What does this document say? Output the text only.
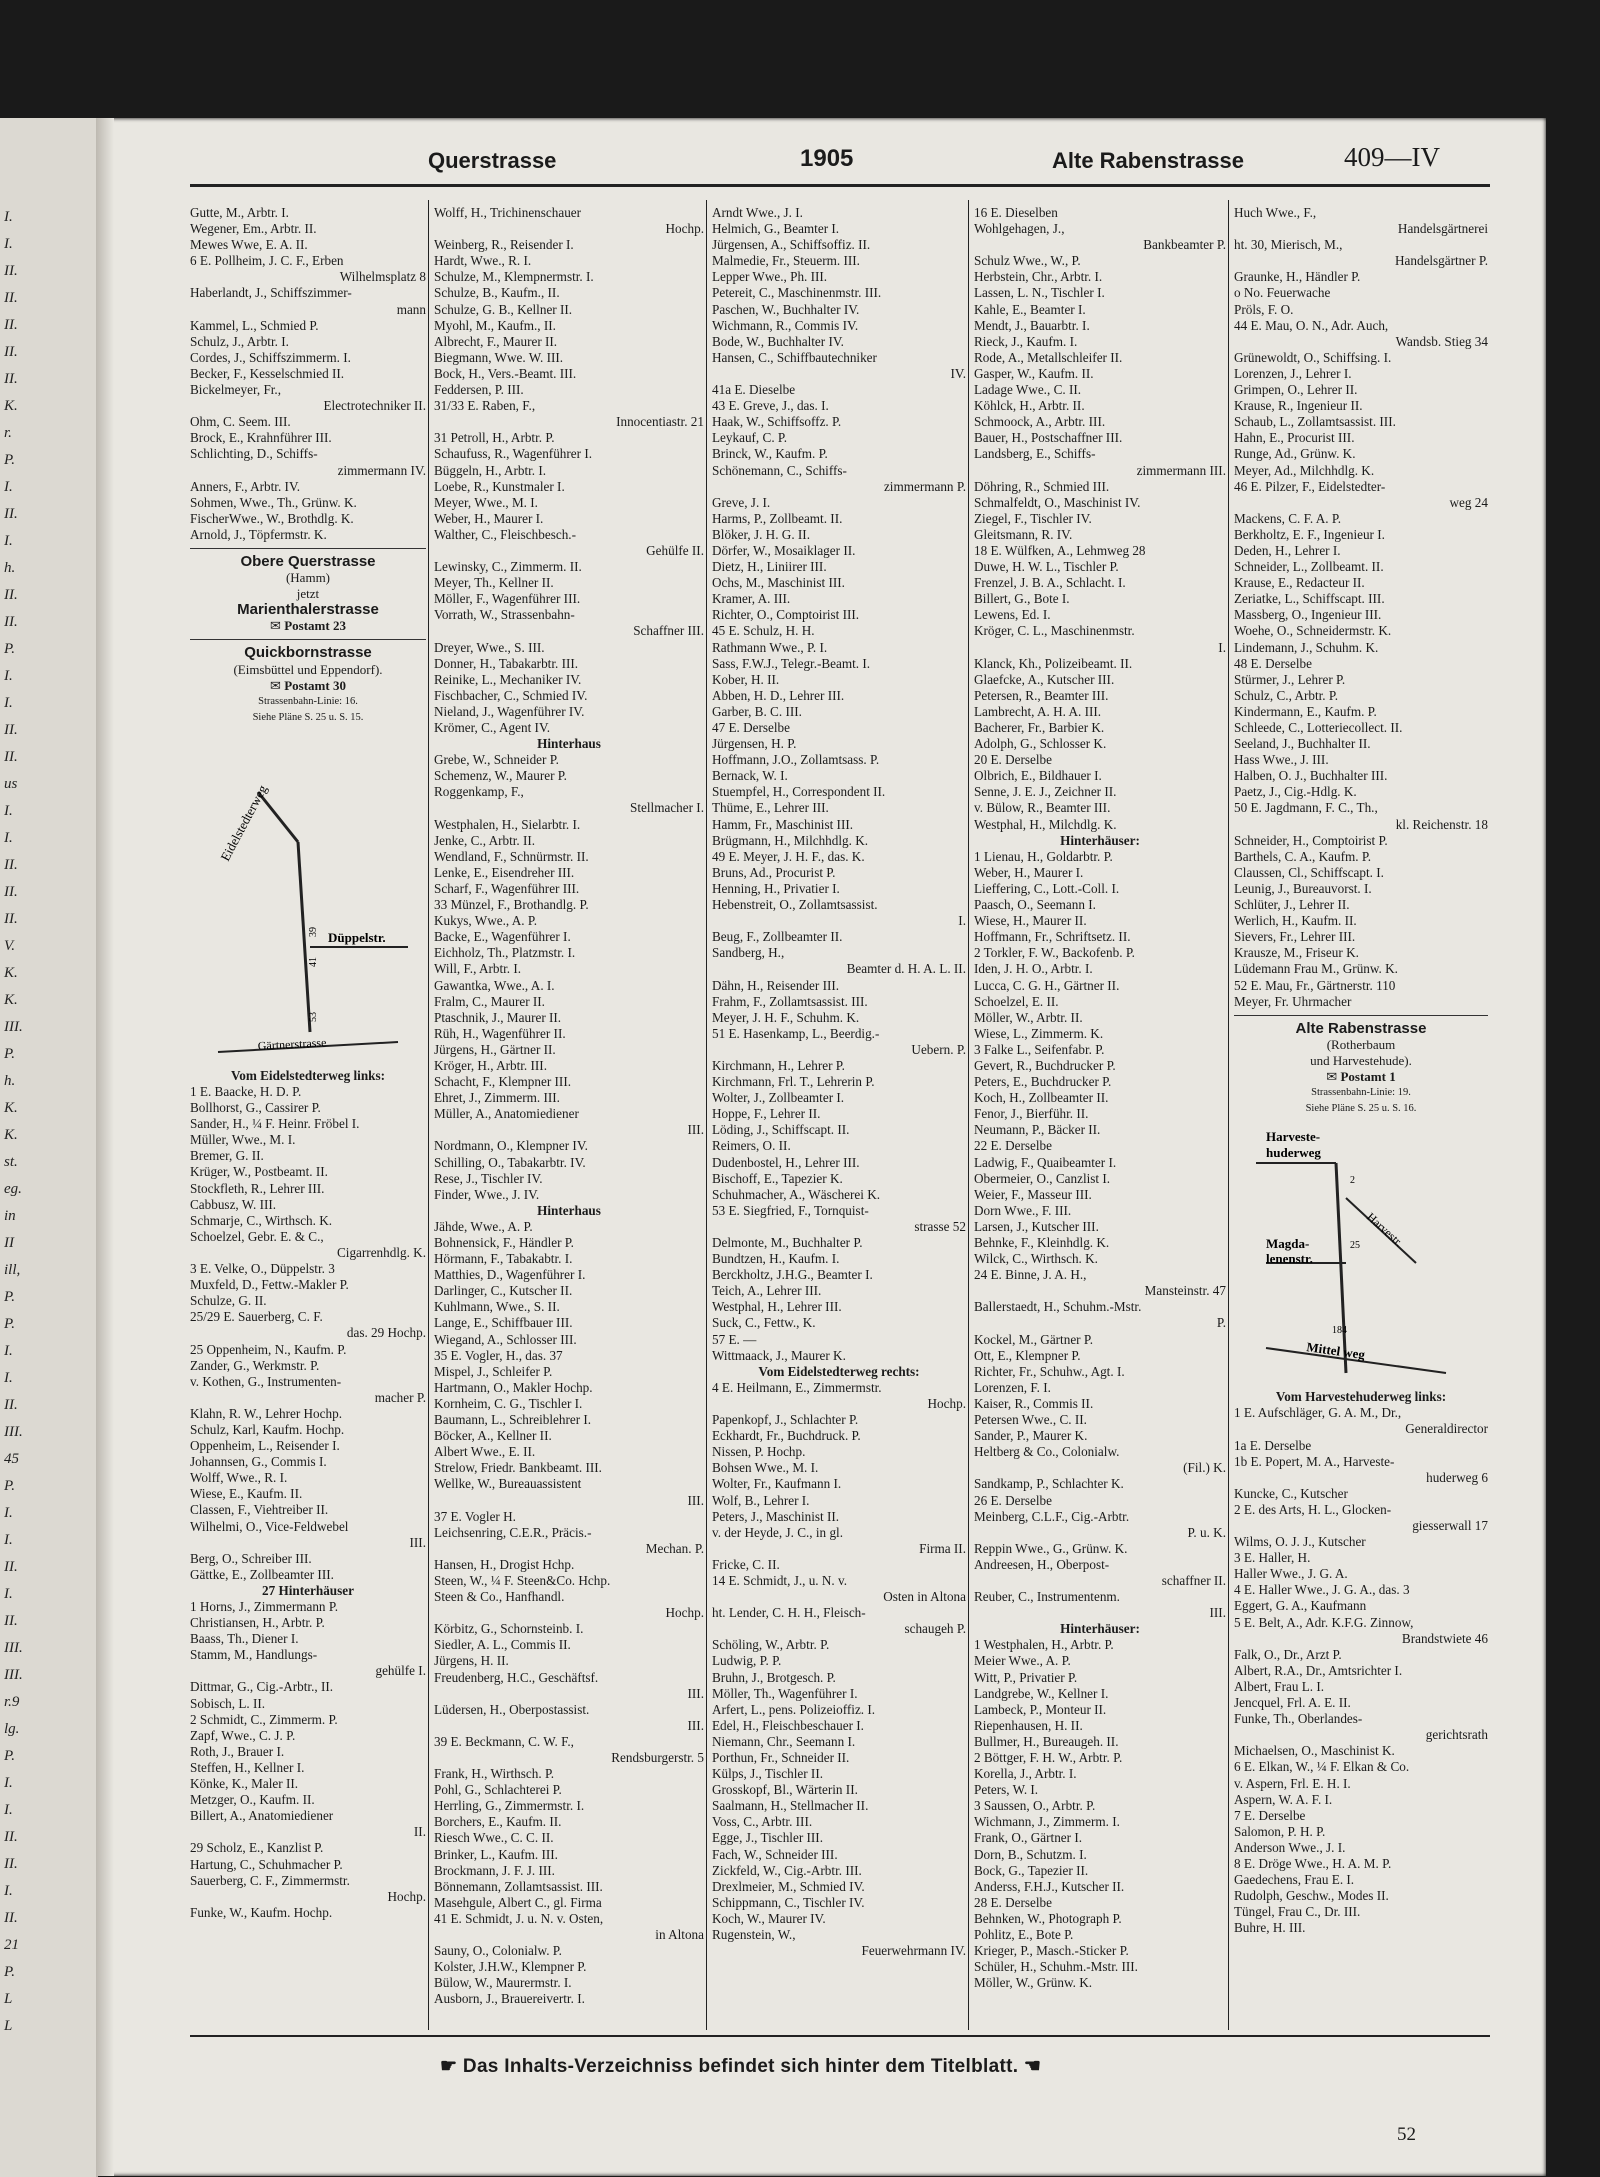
I.
I.
II.
II.
II.
II.
II.
K.
r.
P.
I.
II.
I.
h.
II.
II.
P.
I.
I.
II.
II.
us
I.
I.
II.
II.
II.
V.
K.
K.
III.
P.
h.
K.
K.
st.
eg.
in
II
ill,
P.
P.
I.
I.
II.
III.
45
P.
I.
I.
II.
I.
II.
III.
III.
r.9
lg.
P.
I.
I.
II.
II.
I.
II.
21
P.
L
L
Querstrasse	1905	Alte Rabenstrasse	409—IV
Gutte, M., Arbtr. I.
Wegener, Em., Arbtr. II.
Mewes Wwe, E. A. II.
6 E. Pollheim, J. C. F., Erben
Wilhelmsplatz 8
Haberlandt, J., Schiffszimmer-
mann
Kammel, L., Schmied P.
Schulz, J., Arbtr. I.
Cordes, J., Schiffszimmerm. I.
Becker, F., Kesselschmied II.
Bickelmeyer, Fr.,
Electrotechniker II.
Ohm, C. Seem. III.
Brock, E., Krahnführer III.
Schlichting, D., Schiffs-
zimmermann IV.
Anners, F., Arbtr. IV.
Sohmen, Wwe., Th., Grünw. K.
FischerWwe., W., Brothdlg. K.
Arnold, J., Töpfermstr. K.
Obere Querstrasse
(Hamm)
jetzt
Marienthalerstrasse
✉ Postamt 23
Quickbornstrasse
(Eimsbüttel und Eppendorf).
✉ Postamt 30
Strassenbahn-Linie: 16.
Siehe Pläne S. 25 u. S. 15.
Eidelstedterweg
Düppelstr.
Gärtnerstrasse
39
41
53
Vom Eidelstedterweg links:
1 E. Baacke, H. D. P.
Bollhorst, G., Cassirer P.
Sander, H., ¼ F. Heinr. Fröbel I.
Müller, Wwe., M. I.
Bremer, G. II.
Krüger, W., Postbeamt. II.
Stockfleth, R., Lehrer III.
Cabbusz, W. III.
Schmarje, C., Wirthsch. K.
Schoelzel, Gebr. E. & C.,
Cigarrenhdlg. K.
3 E. Velke, O., Düppelstr. 3
Muxfeld, D., Fettw.-Makler P.
Schulze, G. II.
25/29 E. Sauerberg, C. F.
das. 29 Hochp.
25 Oppenheim, N., Kaufm. P.
Zander, G., Werkmstr. P.
v. Kothen, G., Instrumenten-
macher P.
Klahn, R. W., Lehrer Hochp.
Schulz, Karl, Kaufm. Hochp.
Oppenheim, L., Reisender I.
Johannsen, G., Commis I.
Wolff, Wwe., R. I.
Wiese, E., Kaufm. II.
Classen, F., Viehtreiber II.
Wilhelmi, O., Vice-Feldwebel
III.
Berg, O., Schreiber III.
Gättke, E., Zollbeamter III.
27 Hinterhäuser
1 Horns, J., Zimmermann P.
Christiansen, H., Arbtr. P.
Baass, Th., Diener I.
Stamm, M., Handlungs-
gehülfe I.
Dittmar, G., Cig.-Arbtr., II.
Sobisch, L. II.
2 Schmidt, C., Zimmerm. P.
Zapf, Wwe., C. J. P.
Roth, J., Brauer I.
Steffen, H., Kellner I.
Könke, K., Maler II.
Metzger, O., Kaufm. II.
Billert, A., Anatomiediener
II.
29 Scholz, E., Kanzlist P.
Hartung, C., Schuhmacher P.
Sauerberg, C. F., Zimmermstr.
Hochp.
Funke, W., Kaufm. Hochp.
Wolff, H., Trichinenschauer
Hochp.
Weinberg, R., Reisender I.
Hardt, Wwe., R. I.
Schulze, M., Klempnermstr. I.
Schulze, B., Kaufm., II.
Schulze, G. B., Kellner II.
Myohl, M., Kaufm., II.
Albrecht, F., Maurer II.
Biegmann, Wwe. W. III.
Bock, H., Vers.-Beamt. III.
Feddersen, P. III.
31/33 E. Raben, F.,
Innocentiastr. 21
31 Petroll, H., Arbtr. P.
Schaufuss, R., Wagenführer I.
Büggeln, H., Arbtr. I.
Loebe, R., Kunstmaler I.
Meyer, Wwe., M. I.
Weber, H., Maurer I.
Walther, C., Fleischbesch.-
Gehülfe II.
Lewinsky, C., Zimmerm. II.
Meyer, Th., Kellner II.
Möller, F., Wagenführer III.
Vorrath, W., Strassenbahn-
Schaffner III.
Dreyer, Wwe., S. III.
Donner, H., Tabakarbtr. III.
Reinike, L., Mechaniker IV.
Fischbacher, C., Schmied IV.
Nieland, J., Wagenführer IV.
Krömer, C., Agent IV.
Hinterhaus
Grebe, W., Schneider P.
Schemenz, W., Maurer P.
Roggenkamp, F.,
Stellmacher I.
Westphalen, H., Sielarbtr. I.
Jenke, C., Arbtr. II.
Wendland, F., Schnürmstr. II.
Lenke, E., Eisendreher III.
Scharf, F., Wagenführer III.
33 Münzel, F., Brothandlg. P.
Kukys, Wwe., A. P.
Backe, E., Wagenführer I.
Eichholz, Th., Platzmstr. I.
Will, F., Arbtr. I.
Gawantka, Wwe., A. I.
Fralm, C., Maurer II.
Ptaschnik, J., Maurer II.
Rüh, H., Wagenführer II.
Jürgens, H., Gärtner II.
Kröger, H., Arbtr. III.
Schacht, F., Klempner III.
Ehret, J., Zimmerm. III.
Müller, A., Anatomiediener
III.
Nordmann, O., Klempner IV.
Schilling, O., Tabakarbtr. IV.
Rese, J., Tischler IV.
Finder, Wwe., J. IV.
Hinterhaus
Jähde, Wwe., A. P.
Bohnensick, F., Händler P.
Hörmann, F., Tabakabtr. I.
Matthies, D., Wagenführer I.
Darlinger, C., Kutscher II.
Kuhlmann, Wwe., S. II.
Lange, E., Schiffbauer III.
Wiegand, A., Schlosser III.
35 E. Vogler, H., das. 37
Mispel, J., Schleifer P.
Hartmann, O., Makler Hochp.
Kornheim, C. G., Tischler I.
Baumann, L., Schreiblehrer I.
Böcker, A., Kellner II.
Albert Wwe., E. II.
Strelow, Friedr. Bankbeamt. III.
Wellke, W., Bureauassistent
III.
37 E. Vogler H.
Leichsenring, C.E.R., Präcis.-
Mechan. P.
Hansen, H., Drogist Hchp.
Steen, W., ¼ F. Steen&Co. Hchp.
Steen & Co., Hanfhandl.
Hochp.
Körbitz, G., Schornsteinb. I.
Siedler, A. L., Commis II.
Jürgens, H. II.
Freudenberg, H.C., Geschäftsf.
III.
Lüdersen, H., Oberpostassist.
III.
39 E. Beckmann, C. W. F.,
Rendsburgerstr. 5
Frank, H., Wirthsch. P.
Pohl, G., Schlachterei P.
Herrling, G., Zimmermstr. I.
Borchers, E., Kaufm. II.
Riesch Wwe., C. C. II.
Brinker, L., Kaufm. III.
Brockmann, J. F. J. III.
Bönnemann, Zollamtsassist. III.
Masehgule, Albert C., gl. Firma
41 E. Schmidt, J. u. N. v. Osten,
in Altona
Sauny, O., Colonialw. P.
Kolster, J.H.W., Klempner P.
Bülow, W., Maurermstr. I.
Ausborn, J., Brauereivertr. I.
Arndt Wwe., J. I.
Helmich, G., Beamter I.
Jürgensen, A., Schiffsoffiz. II.
Malmedie, Fr., Steuerm. III.
Lepper Wwe., Ph. III.
Petereit, C., Maschinenmstr. III.
Paschen, W., Buchhalter IV.
Wichmann, R., Commis IV.
Bode, W., Buchhalter IV.
Hansen, C., Schiffbautechniker
IV.
41a E. Dieselbe
43 E. Greve, J., das. I.
Haak, W., Schiffsoffz. P.
Leykauf, C. P.
Brinck, W., Kaufm. P.
Schönemann, C., Schiffs-
zimmermann P.
Greve, J. I.
Harms, P., Zollbeamt. II.
Blöker, J. H. G. II.
Dörfer, W., Mosaiklager II.
Dietz, H., Liniirer III.
Ochs, M., Maschinist III.
Kramer, A. III.
Richter, O., Comptoirist III.
45 E. Schulz, H. H.
Rathmann Wwe., P. I.
Sass, F.W.J., Telegr.-Beamt. I.
Kober, H. II.
Abben, H. D., Lehrer III.
Garber, B. C. III.
47 E. Derselbe
Jürgensen, H. P.
Hoffmann, J.O., Zollamtsass. P.
Bernack, W. I.
Stuempfel, H., Correspondent II.
Thüme, E., Lehrer III.
Hamm, Fr., Maschinist III.
Brügmann, H., Milchhdlg. K.
49 E. Meyer, J. H. F., das. K.
Bruns, Ad., Procurist P.
Henning, H., Privatier I.
Hebenstreit, O., Zollamtsassist.
I.
Beug, F., Zollbeamter II.
Sandberg, H.,
Beamter d. H. A. L. II.
Dähn, H., Reisender III.
Frahm, F., Zollamtsassist. III.
Meyer, J. H. F., Schuhm. K.
51 E. Hasenkamp, L., Beerdig.-
Uebern. P.
Kirchmann, H., Lehrer P.
Kirchmann, Frl. T., Lehrerin P.
Wolter, J., Zollbeamter I.
Hoppe, F., Lehrer II.
Löding, J., Schiffscapt. II.
Reimers, O. II.
Dudenbostel, H., Lehrer III.
Bischoff, E., Tapezier K.
Schuhmacher, A., Wäscherei K.
53 E. Siegfried, F., Tornquist-
strasse 52
Delmonte, M., Buchhalter P.
Bundtzen, H., Kaufm. I.
Berckholtz, J.H.G., Beamter I.
Teich, A., Lehrer III.
Westphal, H., Lehrer III.
Suck, C., Fettw., K.
57 E. —
Wittmaack, J., Maurer K.
Vom Eidelstedterweg rechts:
4 E. Heilmann, E., Zimmermstr.
Hochp.
Papenkopf, J., Schlachter P.
Eckhardt, Fr., Buchdruck. P.
Nissen, P. Hochp.
Bohsen Wwe., M. I.
Wolter, Fr., Kaufmann I.
Wolf, B., Lehrer I.
Peters, J., Maschinist II.
v. der Heyde, J. C., in gl.
Firma II.
Fricke, C. II.
14 E. Schmidt, J., u. N. v.
Osten in Altona
ht. Lender, C. H. H., Fleisch-
schaugeh P.
Schöling, W., Arbtr. P.
Ludwig, P. P.
Bruhn, J., Brotgesch. P.
Möller, Th., Wagenführer I.
Arfert, L., pens. Polizeioffiz. I.
Edel, H., Fleischbeschauer I.
Niemann, Chr., Seemann I.
Porthun, Fr., Schneider II.
Külps, J., Tischler II.
Grosskopf, Bl., Wärterin II.
Saalmann, H., Stellmacher II.
Voss, C., Arbtr. III.
Egge, J., Tischler III.
Fach, W., Schneider III.
Zickfeld, W., Cig.-Arbtr. III.
Drexlmeier, M., Schmied IV.
Schippmann, C., Tischler IV.
Koch, W., Maurer IV.
Rugenstein, W.,
Feuerwehrmann IV.
16 E. Dieselben
Wohlgehagen, J.,
Bankbeamter P.
Schulz Wwe., W., P.
Herbstein, Chr., Arbtr. I.
Lassen, L. N., Tischler I.
Kahle, E., Beamter I.
Mendt, J., Bauarbtr. I.
Rieck, J., Kaufm. I.
Rode, A., Metallschleifer II.
Gasper, W., Kaufm. II.
Ladage Wwe., C. II.
Köhlck, H., Arbtr. II.
Schmoock, A., Arbtr. III.
Bauer, H., Postschaffner III.
Landsberg, E., Schiffs-
zimmermann III.
Döhring, R., Schmied III.
Schmalfeldt, O., Maschinist IV.
Ziegel, F., Tischler IV.
Gleitsmann, R. IV.
18 E. Wülfken, A., Lehmweg 28
Duwe, H. W. L., Tischler P.
Frenzel, J. B. A., Schlacht. I.
Billert, G., Bote I.
Lewens, Ed. I.
Kröger, C. L., Maschinenmstr.
I.
Klanck, Kh., Polizeibeamt. II.
Glaefcke, A., Kutscher III.
Petersen, R., Beamter III.
Lambrecht, A. H. A. III.
Bacherer, Fr., Barbier K.
Adolph, G., Schlosser K.
20 E. Derselbe
Olbrich, E., Bildhauer I.
Senne, J. E. J., Zeichner II.
v. Bülow, R., Beamter III.
Westphal, H., Milchdlg. K.
Hinterhäuser:
1 Lienau, H., Goldarbtr. P.
Weber, H., Maurer I.
Lieffering, C., Lott.-Coll. I.
Paasch, O., Seemann I.
Wiese, H., Maurer II.
Hoffmann, Fr., Schriftsetz. II.
2 Torkler, F. W., Backofenb. P.
Iden, J. H. O., Arbtr. I.
Lucca, C. G. H., Gärtner II.
Schoelzel, E. II.
Möller, W., Arbtr. II.
Wiese, L., Zimmerm. K.
3 Falke L., Seifenfabr. P.
Gevert, R., Buchdrucker P.
Peters, E., Buchdrucker P.
Koch, H., Zollbeamter II.
Fenor, J., Bierführ. II.
Neumann, P., Bäcker II.
22 E. Derselbe
Ladwig, F., Quaibeamter I.
Obermeier, O., Canzlist I.
Weier, F., Masseur III.
Dorn Wwe., F. III.
Larsen, J., Kutscher III.
Behnke, F., Kleinhdlg. K.
Wilck, C., Wirthsch. K.
24 E. Binne, J. A. H.,
Mansteinstr. 47
Ballerstaedt, H., Schuhm.-Mstr.
P.
Kockel, M., Gärtner P.
Ott, E., Klempner P.
Richter, Fr., Schuhw., Agt. I.
Lorenzen, F. I.
Kaiser, R., Commis II.
Petersen Wwe., C. II.
Sander, P., Maurer K.
Heltberg & Co., Colonialw.
(Fil.) K.
Sandkamp, P., Schlachter K.
26 E. Derselbe
Meinberg, C.L.F., Cig.-Arbtr.
P. u. K.
Reppin Wwe., G., Grünw. K.
Andreesen, H., Oberpost-
schaffner II.
Reuber, C., Instrumentenm.
III.
Hinterhäuser:
1 Westphalen, H., Arbtr. P.
Meier Wwe., A. P.
Witt, P., Privatier P.
Landgrebe, W., Kellner I.
Lambeck, P., Monteur II.
Riepenhausen, H. II.
Bullmer, H., Bureaugeh. II.
2 Böttger, F. H. W., Arbtr. P.
Korella, J., Arbtr. I.
Peters, W. I.
3 Saussen, O., Arbtr. P.
Wichmann, J., Zimmerm. I.
Frank, O., Gärtner I.
Dorn, B., Schutzm. I.
Bock, G., Tapezier II.
Anderss, F.H.J., Kutscher II.
28 E. Derselbe
Behnken, W., Photograph P.
Pohlitz, E., Bote P.
Krieger, P., Masch.-Sticker P.
Schüler, H., Schuhm.-Mstr. III.
Möller, W., Grünw. K.
Huch Wwe., F.,
Handelsgärtnerei
ht. 30, Mierisch, M.,
Handelsgärtner P.
Graunke, H., Händler P.
o No. Feuerwache
Pröls, F. O.
44 E. Mau, O. N., Adr. Auch,
Wandsb. Stieg 34
Grünewoldt, O., Schiffsing. I.
Lorenzen, J., Lehrer I.
Grimpen, O., Lehrer II.
Krause, R., Ingenieur II.
Schaub, L., Zollamtsassist. III.
Hahn, E., Procurist III.
Runge, Ad., Grünw. K.
Meyer, Ad., Milchhdlg. K.
46 E. Pilzer, F., Eidelstedter-
weg 24
Mackens, C. F. A. P.
Berkholtz, E. F., Ingenieur I.
Deden, H., Lehrer I.
Schneider, L., Zollbeamt. II.
Krause, E., Redacteur II.
Zeriatke, L., Schiffscapt. III.
Massberg, O., Ingenieur III.
Woehe, O., Schneidermstr. K.
Lindemann, J., Schuhm. K.
48 E. Derselbe
Stürmer, J., Lehrer P.
Schulz, C., Arbtr. P.
Kindermann, E., Kaufm. P.
Schleede, C., Lotteriecollect. II.
Seeland, J., Buchhalter II.
Hass Wwe., J. III.
Halben, O. J., Buchhalter III.
Paetz, J., Cig.-Hdlg. K.
50 E. Jagdmann, F. C., Th.,
kl. Reichenstr. 18
Schneider, H., Comptoirist P.
Barthels, C. A., Kaufm. P.
Claussen, Cl., Schiffscapt. I.
Leunig, J., Bureauvorst. I.
Schlüter, J., Lehrer II.
Werlich, H., Kaufm. II.
Sievers, Fr., Lehrer III.
Krausze, M., Friseur K.
Lüdemann Frau M., Grünw. K.
52 E. Mau, Fr., Gärtnerstr. 110
Meyer, Fr. Uhrmacher
Alte Rabenstrasse
(Rotherbaum
und Harvestehude).
✉ Postamt 1
Strassenbahn-Linie: 19.
Siehe Pläne S. 25 u. S. 16.
Harveste-
huderweg
Magda-
lenenstr.
Harvestr.
Mittel weg
2
4
18
25
Vom Harvestehuderweg links:
1 E. Aufschläger, G. A. M., Dr.,
Generaldirector
1a E. Derselbe
1b E. Popert, M. A., Harveste-
huderweg 6
Kuncke, C., Kutscher
2 E. des Arts, H. L., Glocken-
giesserwall 17
Wilms, O. J. J., Kutscher
3 E. Haller, H.
Haller Wwe., J. G. A.
4 E. Haller Wwe., J. G. A., das. 3
Eggert, G. A., Kaufmann
5 E. Belt, A., Adr. K.F.G. Zinnow,
Brandstwiete 46
Falk, O., Dr., Arzt P.
Albert, R.A., Dr., Amtsrichter I.
Albert, Frau L. I.
Jencquel, Frl. A. E. II.
Funke, Th., Oberlandes-
gerichtsrath
Michaelsen, O., Maschinist K.
6 E. Elkan, W., ¼ F. Elkan & Co.
v. Aspern, Frl. E. H. I.
Aspern, W. A. F. I.
7 E. Derselbe
Salomon, P. H. P.
Anderson Wwe., J. I.
8 E. Dröge Wwe., H. A. M. P.
Gaedechens, Frau E. I.
Rudolph, Geschw., Modes II.
Tüngel, Frau C., Dr. III.
Buhre, H. III.
☛ Das Inhalts-Verzeichniss befindet sich hinter dem Titelblatt. ☚
52
